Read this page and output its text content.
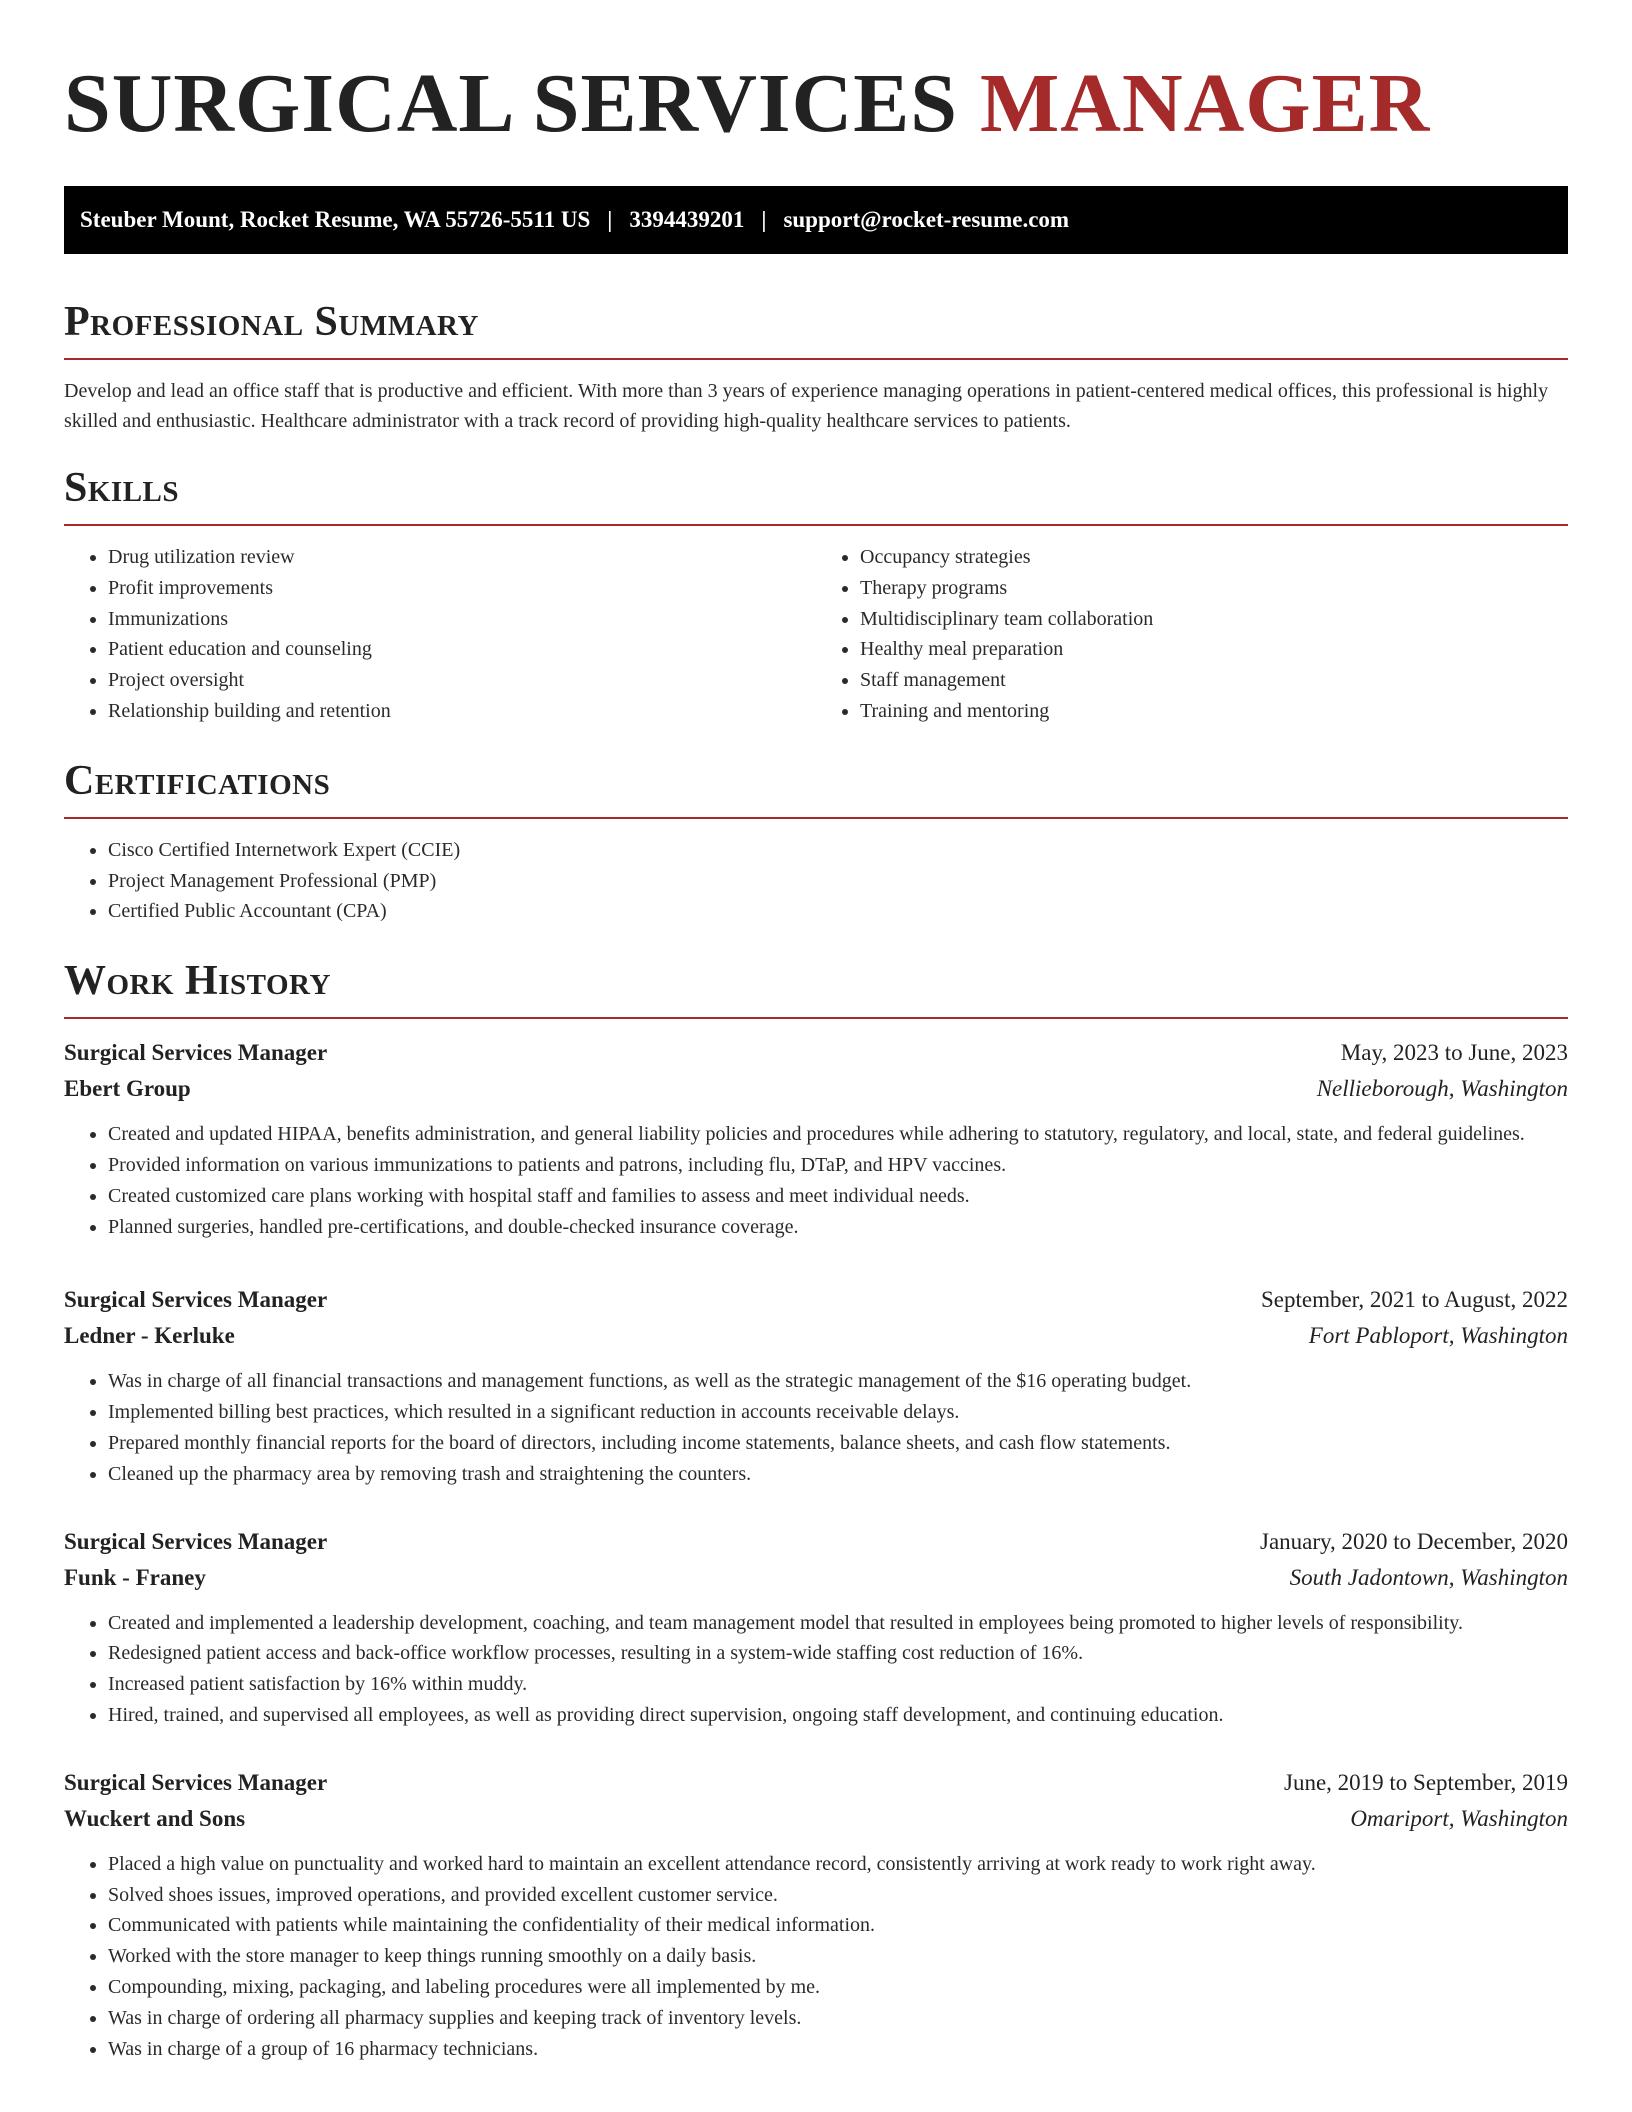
SURGICAL SERVICES MANAGER
Steuber Mount, Rocket Resume, WA 55726-5511 US | 3394439201 | support@rocket-resume.com
Professional Summary

Develop and lead an office staff that is productive and efficient. With more than 3 years of experience managing operations in patient-centered medical offices, this professional is highly skilled and enthusiastic. Healthcare administrator with a track record of providing high-quality healthcare services to patients.

Skills
• Drug utilization review
• Profit improvements
• Immunizations
• Patient education and counseling
• Project oversight
• Relationship building and retention
• Occupancy strategies
• Therapy programs
• Multidisciplinary team collaboration
• Healthy meal preparation
• Staff management
• Training and mentoring
Certifications
• Cisco Certified Internetwork Expert (CCIE)
• Project Management Professional (PMP)
• Certified Public Accountant (CPA)
Work History
Surgical Services Manager	May, 2023 to June, 2023
Ebert Group	Nellieborough, Washington
• Created and updated HIPAA, benefits administration, and general liability policies and procedures while adhering to statutory, regulatory, and local, state, and federal guidelines.
• Provided information on various immunizations to patients and patrons, including flu, DTaP, and HPV vaccines.
• Created customized care plans working with hospital staff and families to assess and meet individual needs.
• Planned surgeries, handled pre-certifications, and double-checked insurance coverage.
Surgical Services Manager	September, 2021 to August, 2022
Ledner - Kerluke	Fort Pabloport, Washington
• Was in charge of all financial transactions and management functions, as well as the strategic management of the $16 operating budget.
• Implemented billing best practices, which resulted in a significant reduction in accounts receivable delays.
• Prepared monthly financial reports for the board of directors, including income statements, balance sheets, and cash flow statements.
• Cleaned up the pharmacy area by removing trash and straightening the counters.
Surgical Services Manager	January, 2020 to December, 2020
Funk - Franey	South Jadontown, Washington
• Created and implemented a leadership development, coaching, and team management model that resulted in employees being promoted to higher levels of responsibility.
• Redesigned patient access and back-office workflow processes, resulting in a system-wide staffing cost reduction of 16%.
• Increased patient satisfaction by 16% within muddy.
• Hired, trained, and supervised all employees, as well as providing direct supervision, ongoing staff development, and continuing education.
Surgical Services Manager	June, 2019 to September, 2019
Wuckert and Sons	Omariport, Washington
• Placed a high value on punctuality and worked hard to maintain an excellent attendance record, consistently arriving at work ready to work right away.
• Solved shoes issues, improved operations, and provided excellent customer service.
• Communicated with patients while maintaining the confidentiality of their medical information.
• Worked with the store manager to keep things running smoothly on a daily basis.
• Compounding, mixing, packaging, and labeling procedures were all implemented by me.
• Was in charge of ordering all pharmacy supplies and keeping track of inventory levels.
• Was in charge of a group of 16 pharmacy technicians.
